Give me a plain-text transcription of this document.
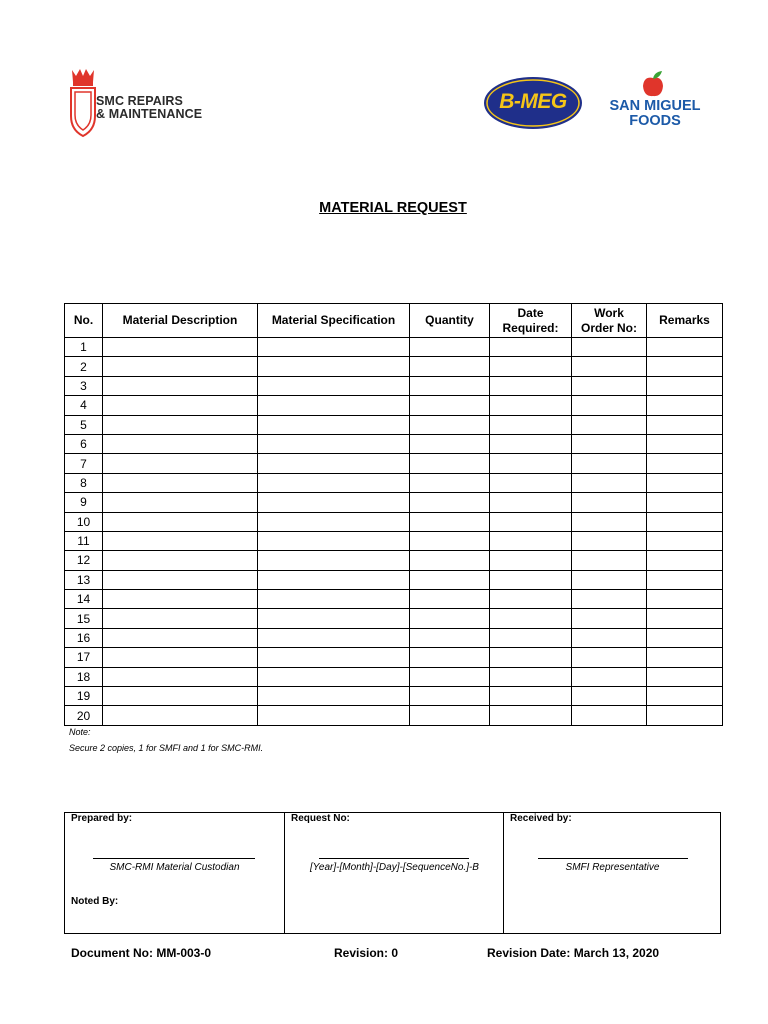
SMC REPAIRS
& MAINTENANCE
B-MEG	SAN MIGUEL
FOODS
MATERIAL REQUEST
No.	Material Description	Material Specification	Quantity	Date Required:	Work Order No:	Remarks
1						
2						
3						
4						
5						
6						
7						
8						
9						
10						
11						
12						
13						
14						
15						
16						
17						
18						
19						
20						
Note:
Secure 2 copies, 1 for SMFI and 1 for SMC-RMI.
Prepared by:
SMC-RMI Material Custodian
Noted By:
Request No:
[Year]-[Month]-[Day]-[SequenceNo.]-B
Received by:
SMFI Representative
Document No: MM-003-0	Revision: 0	Revision Date: March 13, 2020
